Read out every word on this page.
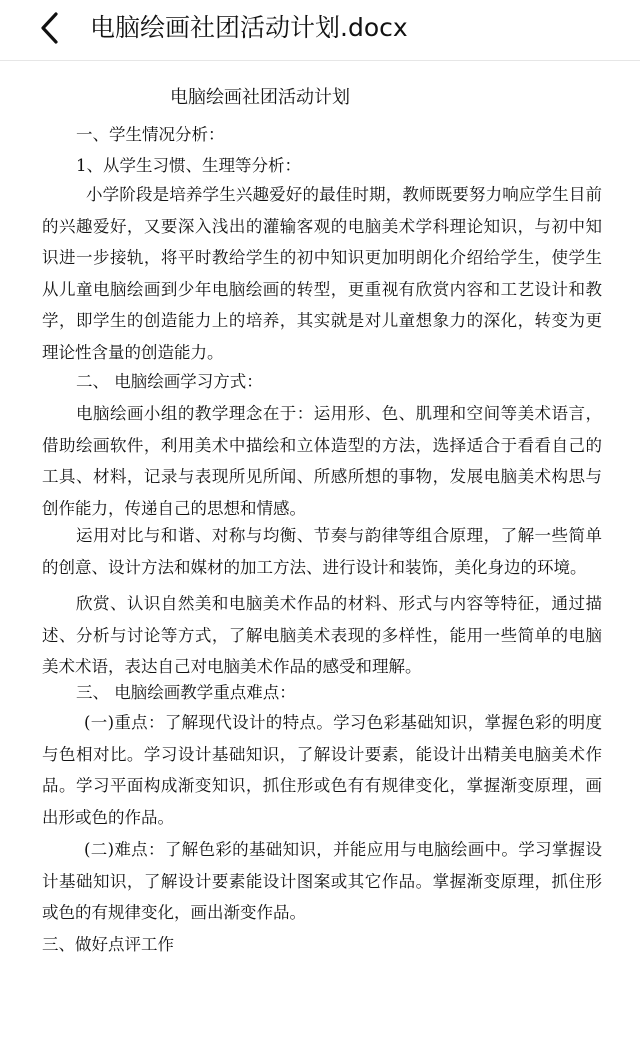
电脑绘画社团活动计划.docx
电脑绘画社团活动计划
一、学生情况分析：
1、从学生习惯、生理等分析：
小学阶段是培养学生兴趣爱好的最佳时期，教师既要努力响应学生目前的兴趣爱好，又要深入浅出的灌输客观的电脑美术学科理论知识，与初中知识进一步接轨，将平时教给学生的初中知识更加明朗化介绍给学生，使学生从儿童电脑绘画到少年电脑绘画的转型，更重视有欣赏内容和工艺设计和教学，即学生的创造能力上的培养，其实就是对儿童想象力的深化，转变为更理论性含量的创造能力。
二、 电脑绘画学习方式：
电脑绘画小组的教学理念在于：运用形、色、肌理和空间等美术语言，借助绘画软件，利用美术中描绘和立体造型的方法，选择适合于看看自己的工具、材料，记录与表现所见所闻、所感所想的事物，发展电脑美术构思与创作能力，传递自己的思想和情感。
运用对比与和谐、对称与均衡、节奏与韵律等组合原理，了解一些简单的创意、设计方法和媒材的加工方法、进行设计和装饰，美化身边的环境。
欣赏、认识自然美和电脑美术作品的材料、形式与内容等特征，通过描述、分析与讨论等方式，了解电脑美术表现的多样性，能用一些简单的电脑美术术语，表达自己对电脑美术作品的感受和理解。
三、 电脑绘画教学重点难点：
(一)重点：了解现代设计的特点。学习色彩基础知识，掌握色彩的明度与色相对比。学习设计基础知识，了解设计要素，能设计出精美电脑美术作品。学习平面构成渐变知识，抓住形或色有有规律变化，掌握渐变原理，画出形或色的作品。
(二)难点：了解色彩的基础知识，并能应用与电脑绘画中。学习掌握设计基础知识，了解设计要素能设计图案或其它作品。掌握渐变原理，抓住形或色的有规律变化，画出渐变作品。
三、做好点评工作
